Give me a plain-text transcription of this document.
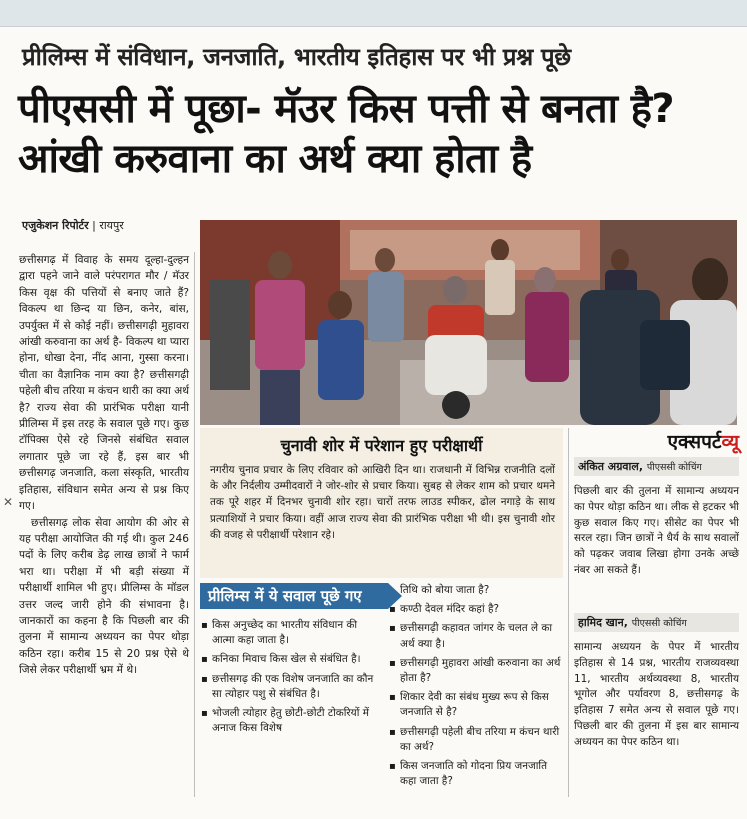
प्रीलिम्स में संविधान, जनजाति, भारतीय इतिहास पर भी प्रश्न पूछे
पीएससी में पूछा- मॅउर किस पत्ती से बनता है? आंखी करुवाना का अर्थ क्या होता है
एजुकेशन रिपोर्टर | रायपुर
✕

छत्तीसगढ़ में विवाह के समय दूल्हा-दुल्हन द्वारा पहने जाने वाले परंपरागत मौर / मॅउर किस वृक्ष की पत्तियों से बनाए जाते हैं? विकल्प था छिन्द या छिन, कनेर, बांस, उपर्युक्त में से कोई नहीं। छत्तीसगढ़ी मुहावरा आंखी करुवाना का अर्थ है- विकल्प था प्यारा होना, धोखा देना, नींद आना, गुस्सा करना। चीता का वैज्ञानिक नाम क्या है? छत्तीसगढ़ी पहेली बीच तरिया म कंचन थारी का क्या अर्थ है? राज्य सेवा की प्रारंभिक परीक्षा यानी प्रीलिम्स में इस तरह के सवाल पूछे गए। कुछ टॉपिक्स ऐसे रहे जिनसे संबंधित सवाल लगातार पूछे जा रहे हैं, इस बार भी छत्तीसगढ़ जनजाति, कला संस्कृति, भारतीय इतिहास, संविधान समेत अन्य से प्रश्न किए गए।

छत्तीसगढ़ लोक सेवा आयोग की ओर से यह परीक्षा आयोजित की गई थी। कुल 246 पदों के लिए करीब डेढ़ लाख छात्रों ने फार्म भरा था। परीक्षा में भी बड़ी संख्या में परीक्षार्थी शामिल भी हुए। प्रीलिम्स के मॉडल उत्तर जल्द जारी होने की संभावना है। जानकारों का कहना है कि पिछली बार की तुलना में सामान्य अध्ययन का पेपर थोड़ा कठिन रहा। करीब 15 से 20 प्रश्न ऐसे थे जिसे लेकर परीक्षार्थी भ्रम में थे।

चुनावी शोर में परेशान हुए परीक्षार्थी
नगरीय चुनाव प्रचार के लिए रविवार को आखिरी दिन था। राजधानी में विभिन्न राजनीति दलों के और निर्दलीय उम्मीदवारों ने जोर-शोर से प्रचार किया। सुबह से लेकर शाम को प्रचार थमने तक पूरे शहर में दिनभर चुनावी शोर रहा। चारों तरफ लाउड स्पीकर, ढोल नगाड़े के साथ प्रत्याशियों ने प्रचार किया। वहीं आज राज्य सेवा की प्रारंभिक परीक्षा भी थी। इस चुनावी शोर की वजह से परीक्षार्थी परेशान रहे।
एक्सपर्टव्यू
अंकित अग्रवाल, पीएससी कोचिंग
पिछली बार की तुलना में सामान्य अध्ययन का पेपर थोड़ा कठिन था। लीक से हटकर भी कुछ सवाल किए गए। सीसेट का पेपर भी सरल रहा। जिन छात्रों ने धैर्य के साथ सवालों को पढ़कर जवाब लिखा होगा उनके अच्छे नंबर आ सकते हैं।
हामिद खान, पीएससी कोचिंग
सामान्य अध्ययन के पेपर में भारतीय इतिहास से 14 प्रश्न, भारतीय राजव्यवस्था 11, भारतीय अर्थव्यवस्था 8, भारतीय भूगोल और पर्यावरण 8, छत्तीसगढ़ के इतिहास 7 समेत अन्य से सवाल पूछे गए। पिछली बार की तुलना में इस बार सामान्य अध्ययन का पेपर कठिन था।
प्रीलिम्स में ये सवाल पूछे गए
▪ किस अनुच्छेद का भारतीय संविधान की आत्मा कहा जाता है।
▪ कनिका मिवाच किस खेल से संबंधित है।
▪ छत्तीसगढ़ की एक विशेष जनजाति का कौन सा त्योहार पशु से संबंधित है।
▪ भोजली त्योहार हेतु छोटी-छोटी टोकरियों में अनाज किस विशेष
तिथि को बोया जाता है?
▪ कण्ठी देवल मंदिर कहां है?
▪ छत्तीसगढ़ी कहावत जांगर के चलत ले का अर्थ क्या है।
▪ छत्तीसगढ़ी मुहावरा आंखी करुवाना का अर्थ होता है?
▪ शिकार देवी का संबंध मुख्य रूप से किस जनजाति से है?
▪ छत्तीसगढ़ी पहेली बीच तरिया म कंचन थारी का अर्थ?
▪ किस जनजाति को गोदना प्रिय जनजाति कहा जाता है?
